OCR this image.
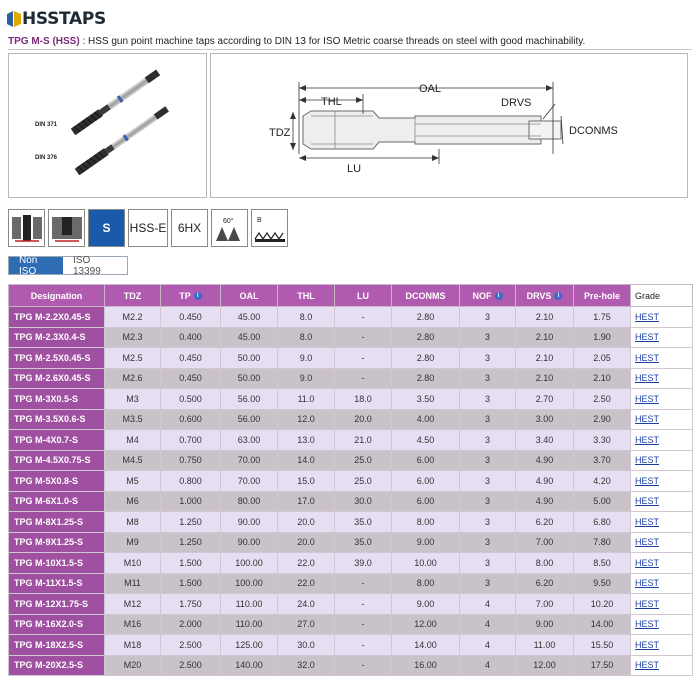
HSSTAPS
TPG M-S (HSS) : HSS gun point machine taps according to DIN 13 for ISO Metric coarse threads on steel with good machinability.
DIN 371
DIN 376
OAL
THL	DRVS
TDZ	DCONMS
LU
S	HSS-E 6HX	60°	B
Non ISO
ISO 13399
Designation	TDZ	TP i	OAL	THL	LU	DCONMS	NOF i	DRVS i	Pre-hole	Grade
TPG M-2.2X0.45-S	M2.2	0.450	45.00	8.0	-	2.80	3	2.10	1.75	HEST
TPG M-2.3X0.4-S	M2.3	0.400	45.00	8.0	-	2.80	3	2.10	1.90	HEST
TPG M-2.5X0.45-S	M2.5	0.450	50.00	9.0	-	2.80	3	2.10	2.05	HEST
TPG M-2.6X0.45-S	M2.6	0.450	50.00	9.0	-	2.80	3	2.10	2.10	HEST
TPG M-3X0.5-S	M3	0.500	56.00	11.0	18.0	3.50	3	2.70	2.50	HEST
TPG M-3.5X0.6-S	M3.5	0.600	56.00	12.0	20.0	4.00	3	3.00	2.90	HEST
TPG M-4X0.7-S	M4	0.700	63.00	13.0	21.0	4.50	3	3.40	3.30	HEST
TPG M-4.5X0.75-S	M4.5	0.750	70.00	14.0	25.0	6.00	3	4.90	3.70	HEST
TPG M-5X0.8-S	M5	0.800	70.00	15.0	25.0	6.00	3	4.90	4.20	HEST
TPG M-6X1.0-S	M6	1.000	80.00	17.0	30.0	6.00	3	4.90	5.00	HEST
TPG M-8X1.25-S	M8	1.250	90.00	20.0	35.0	8.00	3	6.20	6.80	HEST
TPG M-9X1.25-S	M9	1.250	90.00	20.0	35.0	9.00	3	7.00	7.80	HEST
TPG M-10X1.5-S	M10	1.500	100.00	22.0	39.0	10.00	3	8.00	8.50	HEST
TPG M-11X1.5-S	M11	1.500	100.00	22.0	-	8.00	3	6.20	9.50	HEST
TPG M-12X1.75-S	M12	1.750	110.00	24.0	-	9.00	4	7.00	10.20	HEST
TPG M-16X2.0-S	M16	2.000	110.00	27.0	-	12.00	4	9.00	14.00	HEST
TPG M-18X2.5-S	M18	2.500	125.00	30.0	-	14.00	4	11.00	15.50	HEST
TPG M-20X2.5-S	M20	2.500	140.00	32.0	-	16.00	4	12.00	17.50	HEST
